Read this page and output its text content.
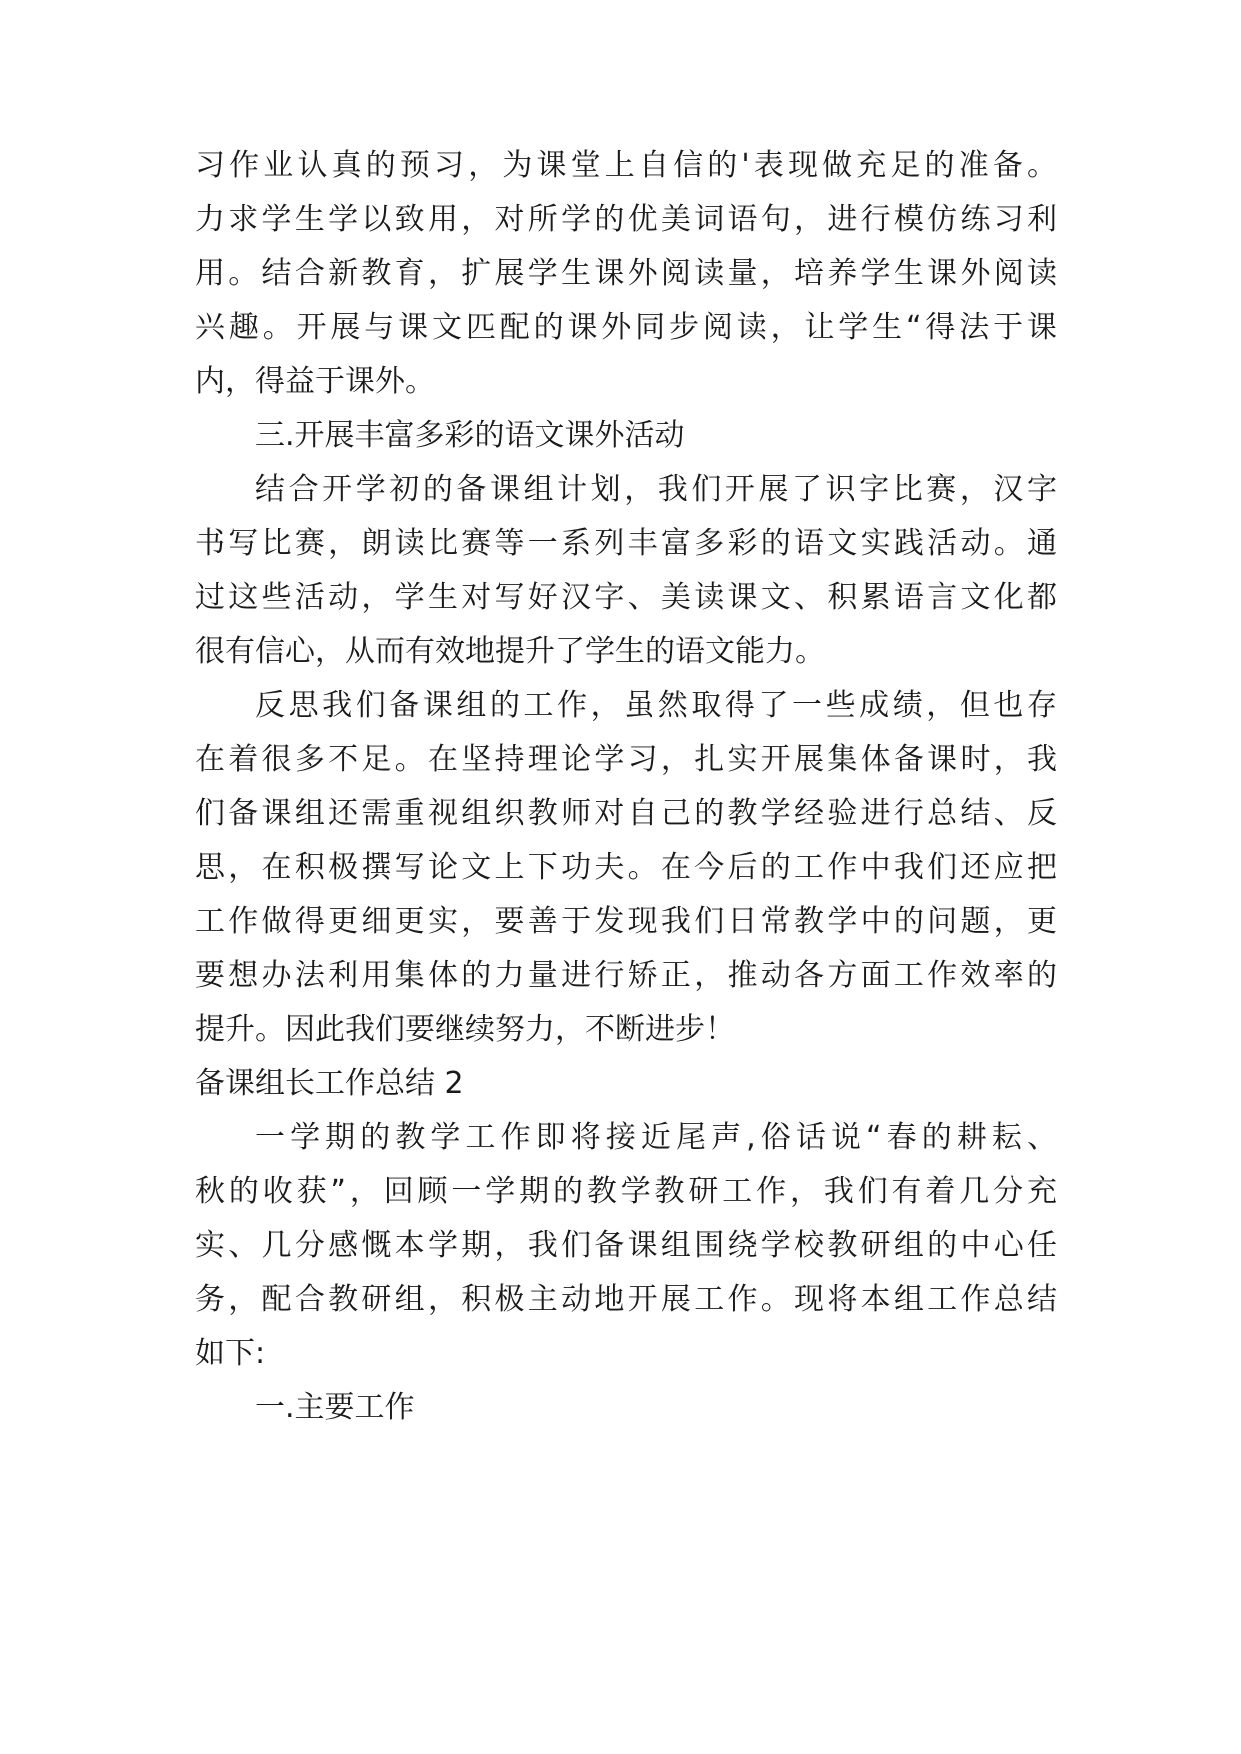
习作业认真的预习，为课堂上自信的'表现做充足的准备。
力求学生学以致用，对所学的优美词语句，进行模仿练习利
用。结合新教育，扩展学生课外阅读量，培养学生课外阅读
兴趣。开展与课文匹配的课外同步阅读，让学生“得法于课
内，得益于课外。
三.开展丰富多彩的语文课外活动
结合开学初的备课组计划，我们开展了识字比赛，汉字
书写比赛，朗读比赛等一系列丰富多彩的语文实践活动。通
过这些活动，学生对写好汉字、美读课文、积累语言文化都
很有信心，从而有效地提升了学生的语文能力。
反思我们备课组的工作，虽然取得了一些成绩，但也存
在着很多不足。在坚持理论学习，扎实开展集体备课时，我
们备课组还需重视组织教师对自己的教学经验进行总结、反
思，在积极撰写论文上下功夫。在今后的工作中我们还应把
工作做得更细更实，要善于发现我们日常教学中的问题，更
要想办法利用集体的力量进行矫正，推动各方面工作效率的
提升。因此我们要继续努力，不断进步！
备课组长工作总结 2
一学期的教学工作即将接近尾声,俗话说“春的耕耘、
秋的收获”，回顾一学期的教学教研工作，我们有着几分充
实、几分感慨本学期，我们备课组围绕学校教研组的中心任
务，配合教研组，积极主动地开展工作。现将本组工作总结
如下:
一.主要工作
